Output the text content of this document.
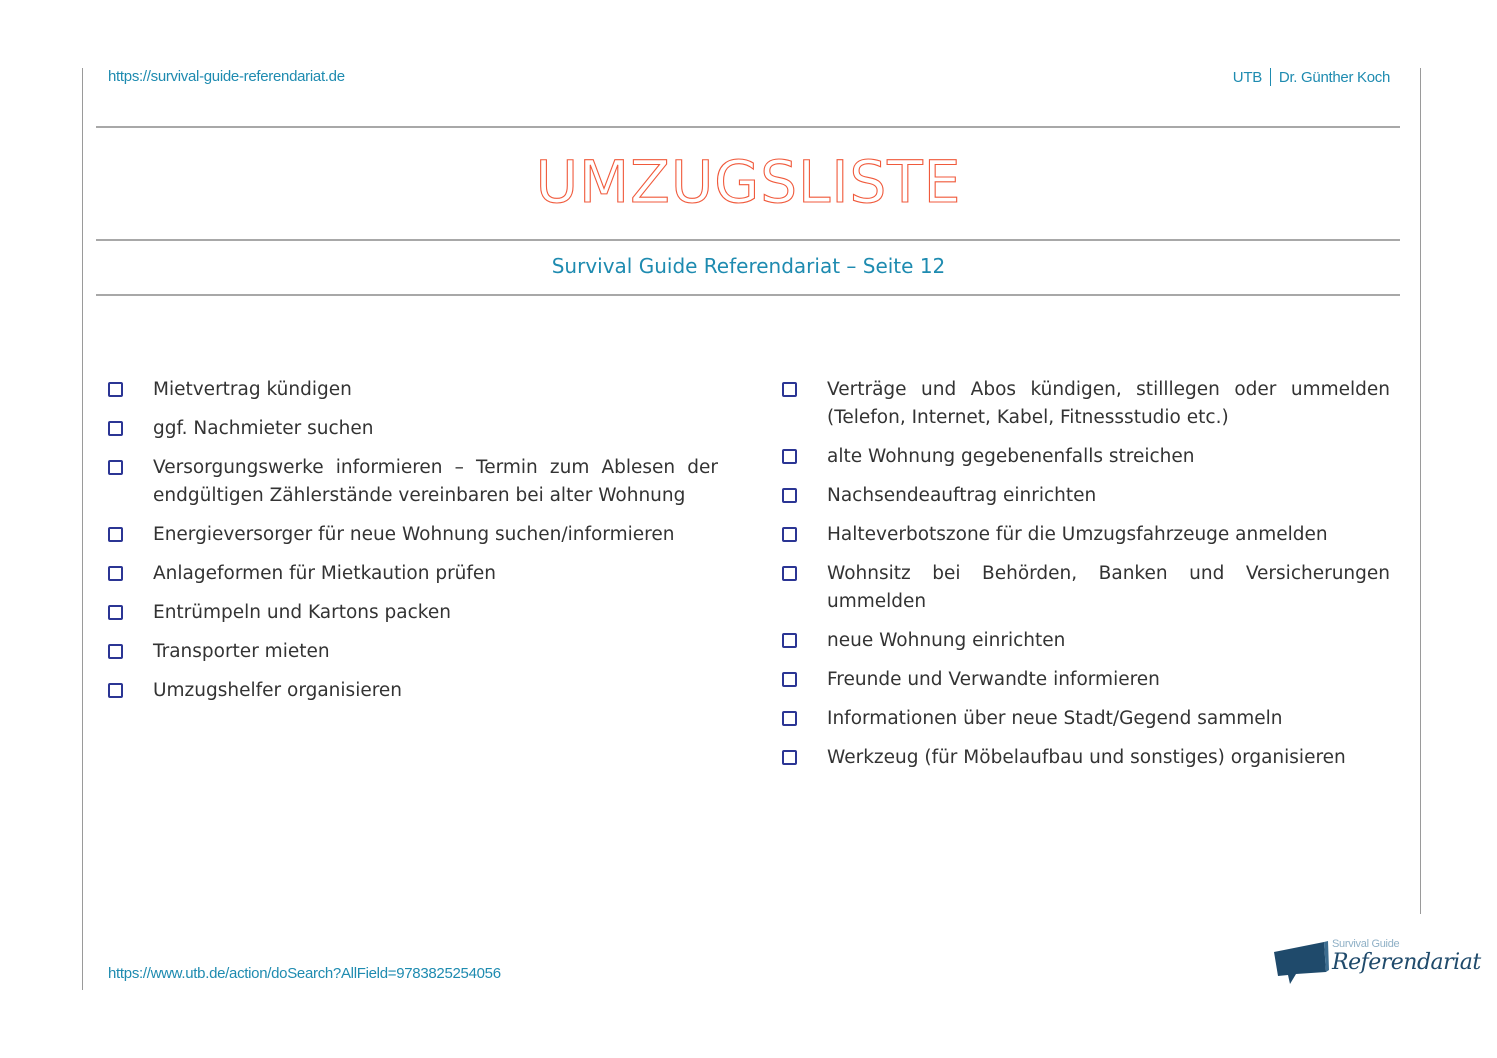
https://survival-guide-referendariat.de	UTB Dr. Günther Koch
UMZUGSLISTE
Survival Guide Referendariat – Seite 12
Mietvertrag kündigen
ggf. Nachmieter suchen
Versorgungswerke informieren – Termin zum Ablesen der endgültigen Zählerstände vereinbaren bei alter Wohnung
Energieversorger für neue Wohnung suchen/informieren
Anlageformen für Mietkaution prüfen
Entrümpeln und Kartons packen
Transporter mieten
Umzugshelfer organisieren
Verträge und Abos kündigen, stilllegen oder ummelden (Telefon, Internet, Kabel, Fitnessstudio etc.)
alte Wohnung gegebenenfalls streichen
Nachsendeauftrag einrichten
Halteverbotszone für die Umzugsfahrzeuge anmelden
Wohnsitz bei Behörden, Banken und Versicherungen ummelden
neue Wohnung einrichten
Freunde und Verwandte informieren
Informationen über neue Stadt/Gegend sammeln
Werkzeug (für Möbelaufbau und sonstiges) organisieren
https://www.utb.de/action/doSearch?AllField=9783825254056
Survival Guide
Referendariat
